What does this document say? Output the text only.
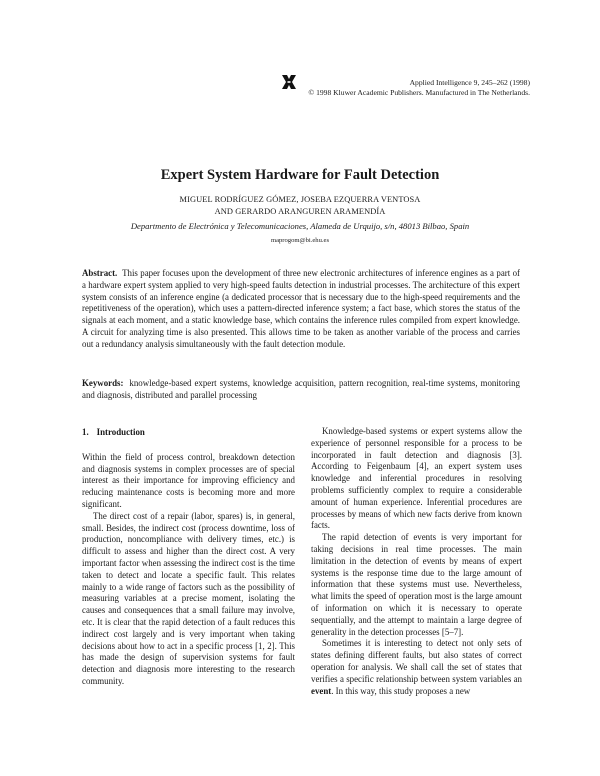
Applied Intelligence 9, 245–262 (1998)
© 1998 Kluwer Academic Publishers. Manufactured in The Netherlands.
Expert System Hardware for Fault Detection
MIGUEL RODRÍGUEZ GÓMEZ, JOSEBA EZQUERRA VENTOSA
AND GERARDO ARANGUREN ARAMENDÍA
Departmento de Electrónica y Telecomunicaciones, Alameda de Urquijo, s/n, 48013 Bilbao, Spain
maprogom@bi.ehu.es
Abstract. This paper focuses upon the development of three new electronic architectures of inference engines as a part of a hardware expert system applied to very high-speed faults detection in industrial processes. The architecture of this expert system consists of an inference engine (a dedicated processor that is necessary due to the high-speed requirements and the repetitiveness of the operation), which uses a pattern-directed inference system; a fact base, which stores the status of the signals at each moment, and a static knowledge base, which contains the inference rules compiled from expert knowledge. A circuit for analyzing time is also presented. This allows time to be taken as another variable of the process and carries out a redundancy analysis simultaneously with the fault detection module.
Keywords: knowledge-based expert systems, knowledge acquisition, pattern recognition, real-time systems, monitoring and diagnosis, distributed and parallel processing
1. Introduction

Within the field of process control, breakdown detection and diagnosis systems in complex processes are of special interest as their importance for improving efficiency and reducing maintenance costs is becoming more and more significant.

The direct cost of a repair (labor, spares) is, in general, small. Besides, the indirect cost (process downtime, loss of production, noncompliance with delivery times, etc.) is difficult to assess and higher than the direct cost. A very important factor when assessing the indirect cost is the time taken to detect and locate a specific fault. This relates mainly to a wide range of factors such as the possibility of measuring variables at a precise moment, isolating the causes and consequences that a small failure may involve, etc. It is clear that the rapid detection of a fault reduces this indirect cost largely and is very important when taking decisions about how to act in a specific process [1, 2]. This has made the design of supervision systems for fault detection and diagnosis more interesting to the research community.

Knowledge-based systems or expert systems allow the experience of personnel responsible for a process to be incorporated in fault detection and diagnosis [3]. According to Feigenbaum [4], an expert system uses knowledge and inferential procedures in resolving problems sufficiently complex to require a considerable amount of human experience. Inferential procedures are processes by means of which new facts derive from known facts.

The rapid detection of events is very important for taking decisions in real time processes. The main limitation in the detection of events by means of expert systems is the response time due to the large amount of information that these systems must use. Nevertheless, what limits the speed of operation most is the large amount of information on which it is necessary to operate sequentially, and the attempt to maintain a large degree of generality in the detection processes [5–7].

Sometimes it is interesting to detect not only sets of states defining different faults, but also states of correct operation for analysis. We shall call the set of states that verifies a specific relationship between system variables an event. In this way, this study proposes a new
